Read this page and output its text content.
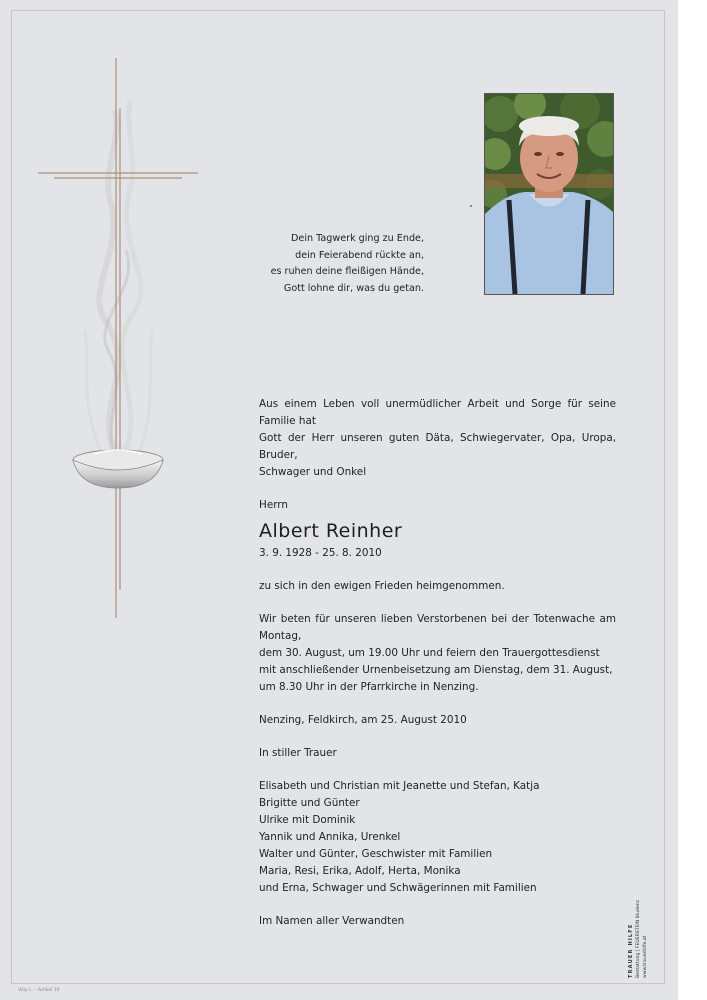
Dein Tagwerk ging zu Ende,
dein Feierabend rückte an,
es ruhen deine fleißigen Hände,
Gott lohne dir, was du getan.

Aus einem Leben voll unermüdlicher Arbeit und Sorge für seine Familie hat

Gott der Herr unseren guten Däta, Schwiegervater, Opa, Uropa, Bruder,

Schwager und Onkel

Herrn

Albert Reinher

3. 9. 1928 - 25. 8. 2010

zu sich in den ewigen Frieden heimgenommen.

Wir beten für unseren lieben Verstorbenen bei der Totenwache am Montag,

dem 30. August, um 19.00 Uhr und feiern den Trauergottesdienst

mit anschließender Urnenbeisetzung am Dienstag, dem 31. August,

um 8.30 Uhr in der Pfarrkirche in Nenzing.

Nenzing, Feldkirch, am 25. August 2010

In stiller Trauer

Elisabeth und Christian mit Jeanette und Stefan, Katja

Brigitte und Günter

Ulrike mit Dominik

Yannik und Annika, Urenkel

Walter und Günter, Geschwister mit Familien

Maria, Resi, Erika, Adolf, Herta, Monika

und Erna, Schwager und Schwägerinnen mit Familien

Im Namen aller Verwandten

TRAUER HILFE Bestattung | FEUERSTEIN Bludenz www.trauerhilfe.at
Villy L. – Artikel 10
